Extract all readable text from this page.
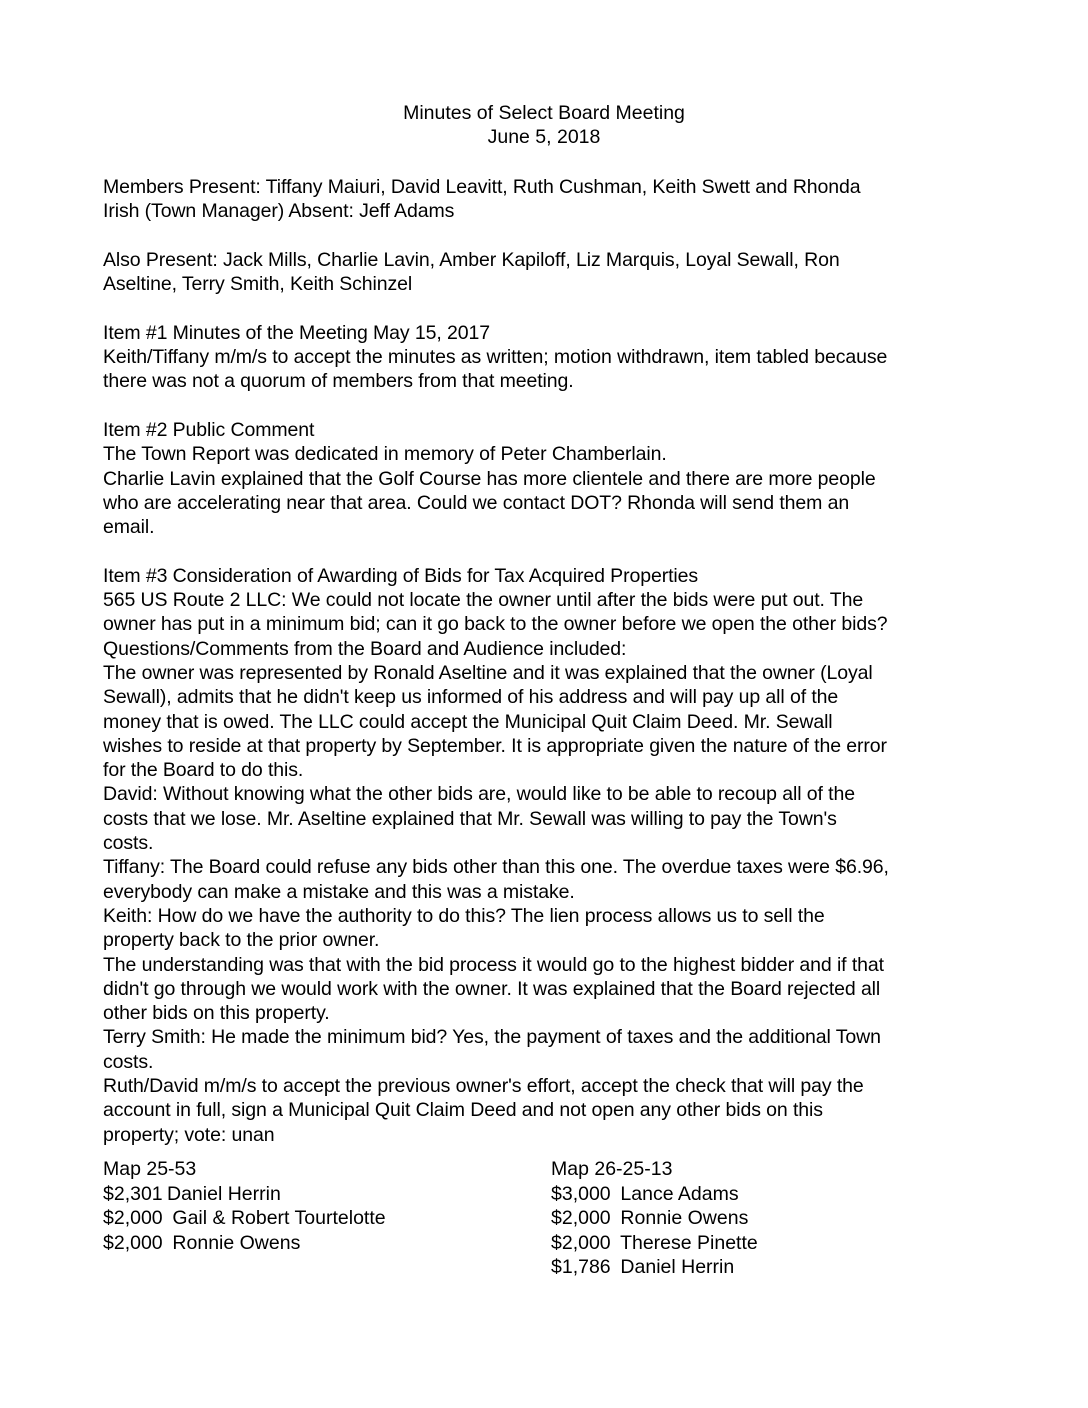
Minutes of Select Board Meeting
June 5, 2018

Members Present: Tiffany Maiuri, David Leavitt, Ruth Cushman, Keith Swett and Rhonda
Irish (Town Manager) Absent: Jeff Adams

Also Present: Jack Mills, Charlie Lavin, Amber Kapiloff, Liz Marquis, Loyal Sewall, Ron
Aseltine, Terry Smith, Keith Schinzel

Item #1 Minutes of the Meeting May 15, 2017
Keith/Tiffany m/m/s to accept the minutes as written; motion withdrawn, item tabled because
there was not a quorum of members from that meeting.

Item #2 Public Comment
The Town Report was dedicated in memory of Peter Chamberlain.
Charlie Lavin explained that the Golf Course has more clientele and there are more people
who are accelerating near that area. Could we contact DOT? Rhonda will send them an
email.

Item #3 Consideration of Awarding of Bids for Tax Acquired Properties
565 US Route 2 LLC: We could not locate the owner until after the bids were put out. The
owner has put in a minimum bid; can it go back to the owner before we open the other bids?
Questions/Comments from the Board and Audience included:
The owner was represented by Ronald Aseltine and it was explained that the owner (Loyal
Sewall), admits that he didn't keep us informed of his address and will pay up all of the
money that is owed. The LLC could accept the Municipal Quit Claim Deed. Mr. Sewall
wishes to reside at that property by September. It is appropriate given the nature of the error
for the Board to do this.
David: Without knowing what the other bids are, would like to be able to recoup all of the
costs that we lose. Mr. Aseltine explained that Mr. Sewall was willing to pay the Town's
costs.
Tiffany: The Board could refuse any bids other than this one. The overdue taxes were $6.96,
everybody can make a mistake and this was a mistake.
Keith: How do we have the authority to do this? The lien process allows us to sell the
property back to the prior owner.
The understanding was that with the bid process it would go to the highest bidder and if that
didn't go through we would work with the owner. It was explained that the Board rejected all
other bids on this property.
Terry Smith: He made the minimum bid? Yes, the payment of taxes and the additional Town
costs.
Ruth/David m/m/s to accept the previous owner's effort, accept the check that will pay the
account in full, sign a Municipal Quit Claim Deed and not open any other bids on this
property; vote: unan

Map 25-53
$2,301 Daniel Herrin
$2,000 Gail & Robert Tourtelotte
$2,000 Ronnie Owens
Map 26-25-13
$3,000 Lance Adams
$2,000 Ronnie Owens
$2,000 Therese Pinette
$1,786 Daniel Herrin
